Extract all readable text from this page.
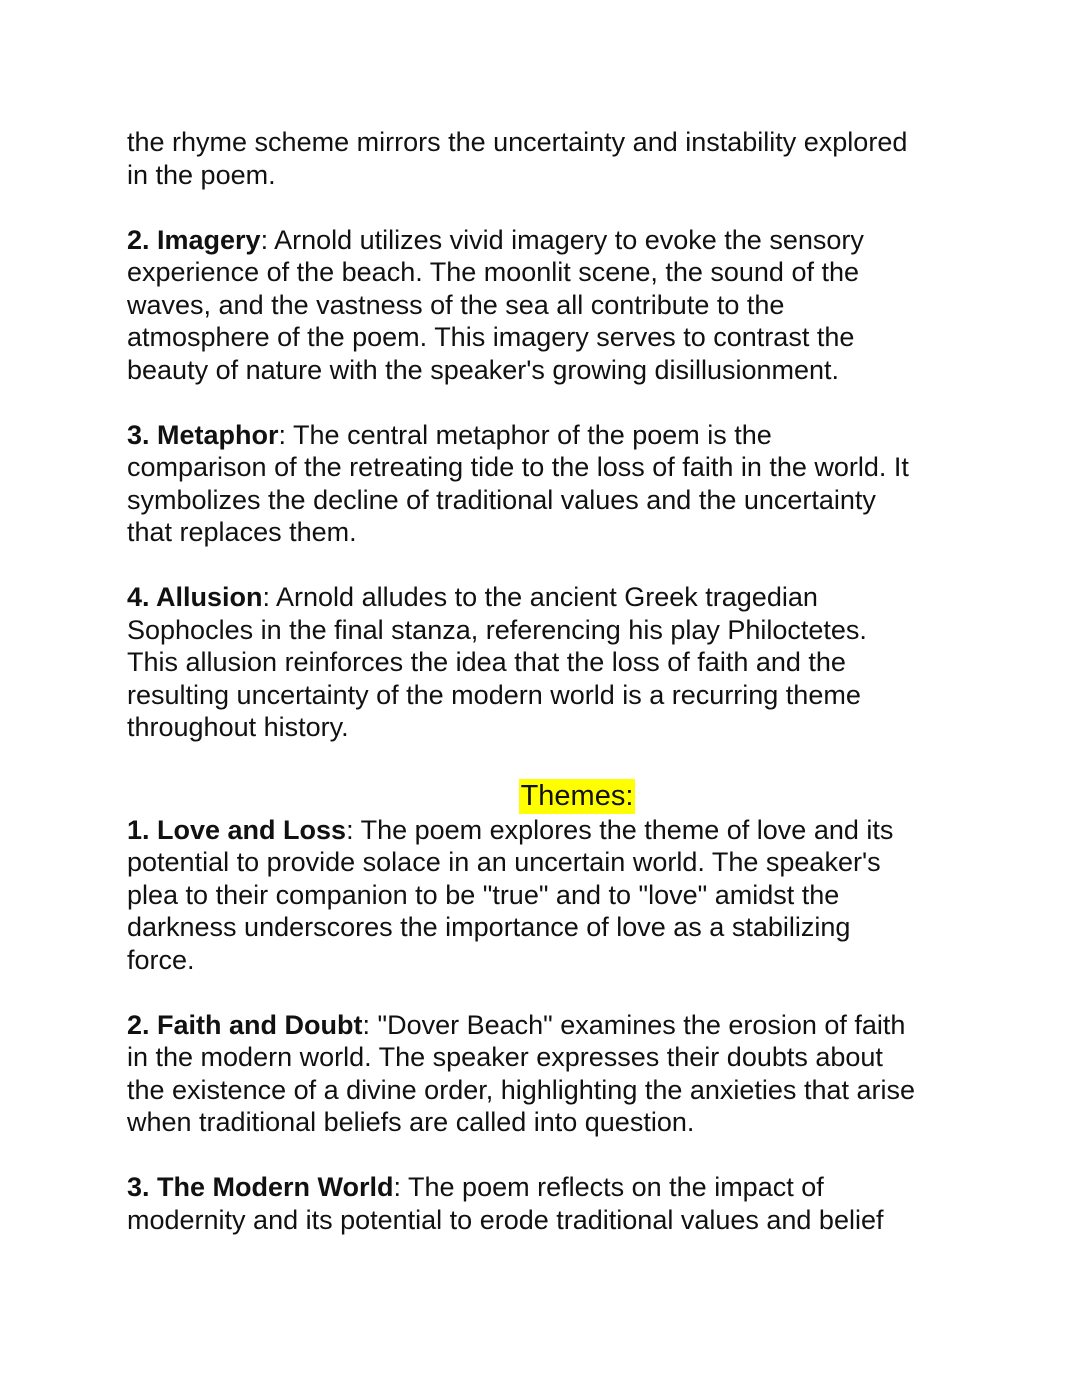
the rhyme scheme mirrors the uncertainty and instability explored
in the poem.

2. Imagery: Arnold utilizes vivid imagery to evoke the sensory
experience of the beach. The moonlit scene, the sound of the
waves, and the vastness of the sea all contribute to the
atmosphere of the poem. This imagery serves to contrast the
beauty of nature with the speaker's growing disillusionment.

3. Metaphor: The central metaphor of the poem is the
comparison of the retreating tide to the loss of faith in the world. It
symbolizes the decline of traditional values and the uncertainty
that replaces them.

4. Allusion: Arnold alludes to the ancient Greek tragedian
Sophocles in the final stanza, referencing his play Philoctetes.
This allusion reinforces the idea that the loss of faith and the
resulting uncertainty of the modern world is a recurring theme
throughout history.

Themes:

1. Love and Loss: The poem explores the theme of love and its
potential to provide solace in an uncertain world. The speaker's
plea to their companion to be "true" and to "love" amidst the
darkness underscores the importance of love as a stabilizing
force.

2. Faith and Doubt: "Dover Beach" examines the erosion of faith
in the modern world. The speaker expresses their doubts about
the existence of a divine order, highlighting the anxieties that arise
when traditional beliefs are called into question.

3. The Modern World: The poem reflects on the impact of
modernity and its potential to erode traditional values and belief
